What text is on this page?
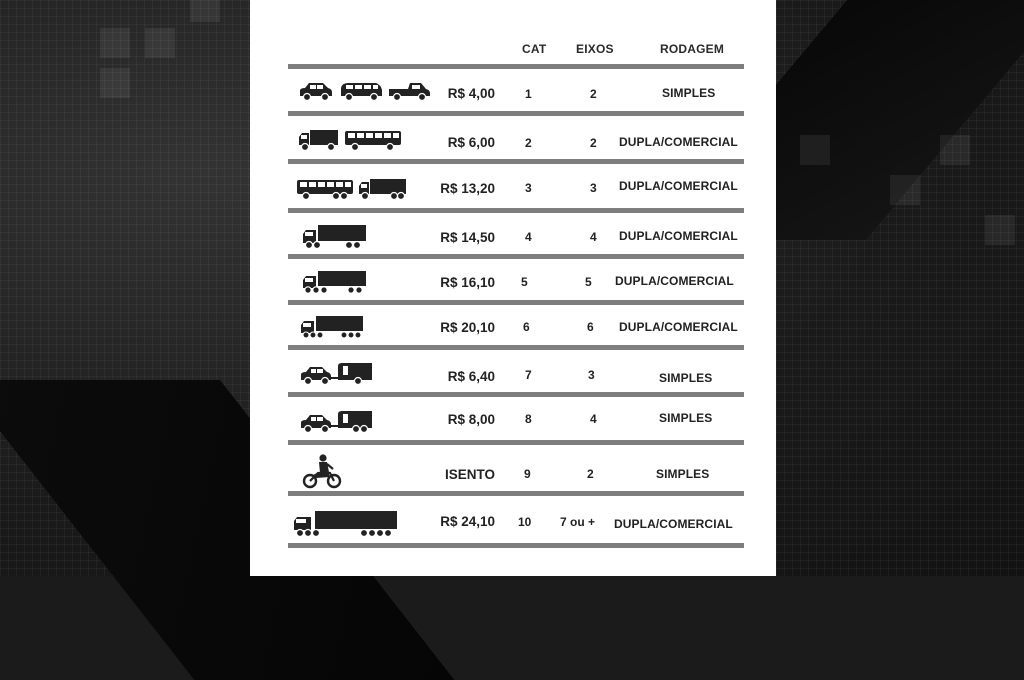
CAT EIXOS	RODAGEM
R$ 4,00	1	2	SIMPLES
R$ 6,00	2	2 DUPLA/COMERCIAL
R$ 13,20	3	3 DUPLA/COMERCIAL
R$ 14,50	4	4 DUPLA/COMERCIAL
R$ 16,10 5	5 DUPLA/COMERCIAL
R$ 20,10 6	6 DUPLA/COMERCIAL
R$ 6,40	7	3	SIMPLES
R$ 8,00	8	4	SIMPLES
ISENTO 9	2	SIMPLES
R$ 24,10 10 7 ou + DUPLA/COMERCIAL
